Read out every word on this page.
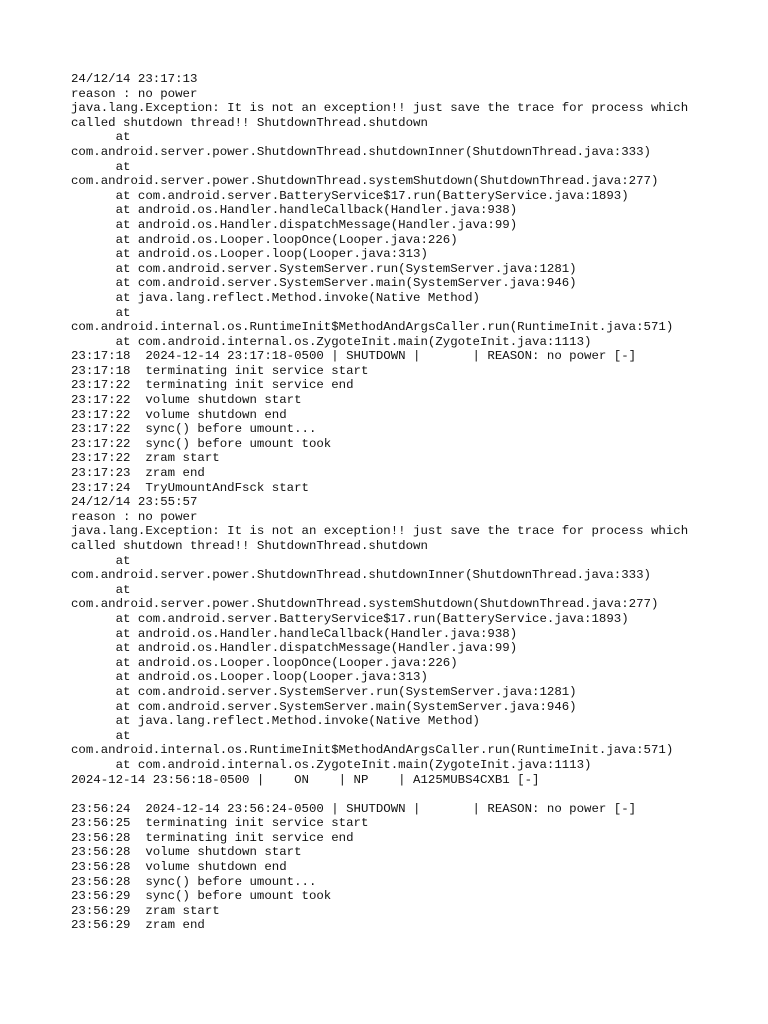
24/12/14 23:17:13
reason : no power
java.lang.Exception: It is not an exception!! just save the trace for process which
called shutdown thread!! ShutdownThread.shutdown
at
com.android.server.power.ShutdownThread.shutdownInner(ShutdownThread.java:333)
at
com.android.server.power.ShutdownThread.systemShutdown(ShutdownThread.java:277)
at com.android.server.BatteryService$17.run(BatteryService.java:1893)
at android.os.Handler.handleCallback(Handler.java:938)
at android.os.Handler.dispatchMessage(Handler.java:99)
at android.os.Looper.loopOnce(Looper.java:226)
at android.os.Looper.loop(Looper.java:313)
at com.android.server.SystemServer.run(SystemServer.java:1281)
at com.android.server.SystemServer.main(SystemServer.java:946)
at java.lang.reflect.Method.invoke(Native Method)
at
com.android.internal.os.RuntimeInit$MethodAndArgsCaller.run(RuntimeInit.java:571)
at com.android.internal.os.ZygoteInit.main(ZygoteInit.java:1113)
23:17:18  2024-12-14 23:17:18-0500 | SHUTDOWN |       | REASON: no power [-]
23:17:18  terminating init service start
23:17:22  terminating init service end
23:17:22  volume shutdown start
23:17:22  volume shutdown end
23:17:22  sync() before umount...
23:17:22  sync() before umount took
23:17:22  zram start
23:17:23  zram end
23:17:24  TryUmountAndFsck start
24/12/14 23:55:57
reason : no power
java.lang.Exception: It is not an exception!! just save the trace for process which
called shutdown thread!! ShutdownThread.shutdown
at
com.android.server.power.ShutdownThread.shutdownInner(ShutdownThread.java:333)
at
com.android.server.power.ShutdownThread.systemShutdown(ShutdownThread.java:277)
at com.android.server.BatteryService$17.run(BatteryService.java:1893)
at android.os.Handler.handleCallback(Handler.java:938)
at android.os.Handler.dispatchMessage(Handler.java:99)
at android.os.Looper.loopOnce(Looper.java:226)
at android.os.Looper.loop(Looper.java:313)
at com.android.server.SystemServer.run(SystemServer.java:1281)
at com.android.server.SystemServer.main(SystemServer.java:946)
at java.lang.reflect.Method.invoke(Native Method)
at
com.android.internal.os.RuntimeInit$MethodAndArgsCaller.run(RuntimeInit.java:571)
at com.android.internal.os.ZygoteInit.main(ZygoteInit.java:1113)
2024-12-14 23:56:18-0500 |    ON    | NP    | A125MUBS4CXB1 [-]
23:56:24  2024-12-14 23:56:24-0500 | SHUTDOWN |       | REASON: no power [-]
23:56:25  terminating init service start
23:56:28  terminating init service end
23:56:28  volume shutdown start
23:56:28  volume shutdown end
23:56:28  sync() before umount...
23:56:29  sync() before umount took
23:56:29  zram start
23:56:29  zram end
